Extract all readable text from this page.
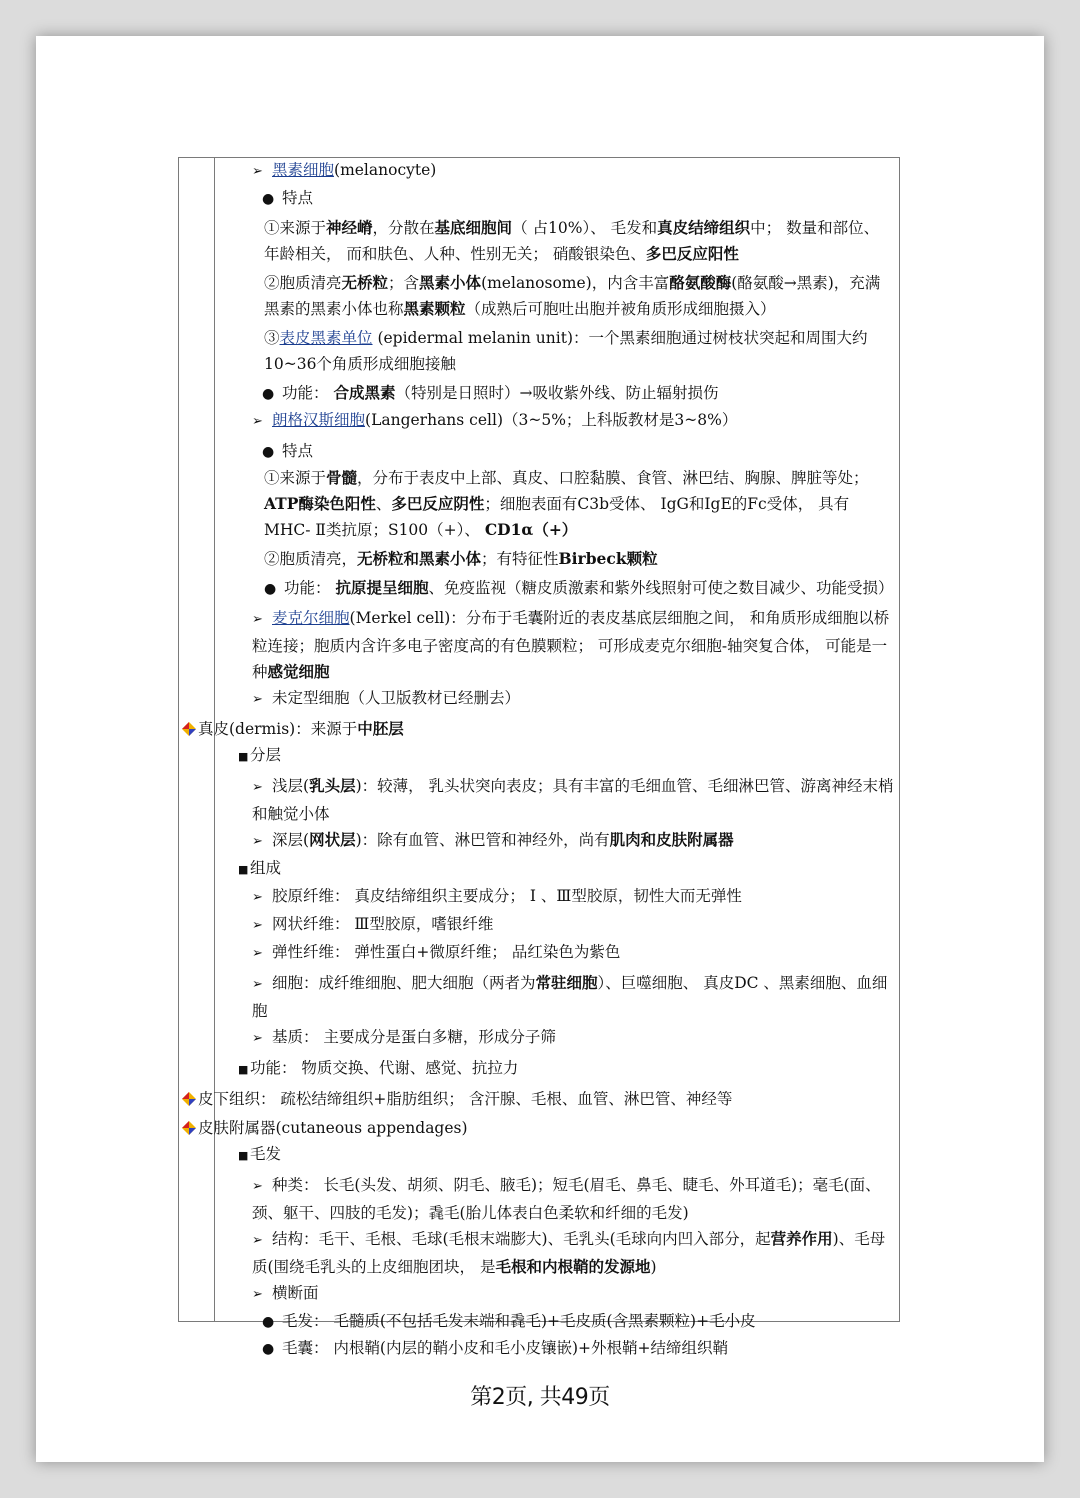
➢ 黑素细胞(melanocyte)
● 特点
①来源于神经嵴，分散在基底细胞间（ 占10%）、 毛发和真皮结缔组织中； 数量和部位、年龄相关， 而和肤色、人种、性别无关； 硝酸银染色、多巴反应阳性
②胞质清亮无桥粒；含黑素小体(melanosome)，内含丰富酪氨酸酶(酪氨酸→黑素)，充满黑素的黑素小体也称黑素颗粒（成熟后可胞吐出胞并被角质形成细胞摄入）
③表皮黑素单位 (epidermal melanin unit)：一个黑素细胞通过树枝状突起和周围大约10~36个角质形成细胞接触
● 功能： 合成黑素（特别是日照时）→吸收紫外线、防止辐射损伤
➢ 朗格汉斯细胞(Langerhans cell)（3~5%；上科版教材是3~8%）
● 特点
①来源于骨髓，分布于表皮中上部、真皮、口腔黏膜、食管、淋巴结、胸腺、脾脏等处；ATP酶染色阳性、多巴反应阴性；细胞表面有C3b受体、 IgG和IgE的Fc受体， 具有MHC- Ⅱ类抗原；S100（+）、 CD1α（+）
②胞质清亮，无桥粒和黑素小体；有特征性Birbeck颗粒
● 功能： 抗原提呈细胞、免疫监视（糖皮质激素和紫外线照射可使之数目减少、功能受损）
➢ 麦克尔细胞(Merkel cell)：分布于毛囊附近的表皮基底层细胞之间， 和角质形成细胞以桥粒连接；胞质内含许多电子密度高的有色膜颗粒； 可形成麦克尔细胞-轴突复合体， 可能是一种感觉细胞
➢ 未定型细胞（人卫版教材已经删去）
真皮(dermis)：来源于中胚层
■ 分层
➢ 浅层(乳头层)：较薄， 乳头状突向表皮；具有丰富的毛细血管、毛细淋巴管、游离神经末梢和触觉小体
➢ 深层(网状层)：除有血管、淋巴管和神经外，尚有肌肉和皮肤附属器
■ 组成
➢ 胶原纤维： 真皮结缔组织主要成分； Ⅰ 、Ⅲ型胶原，韧性大而无弹性
➢ 网状纤维： Ⅲ型胶原，嗜银纤维
➢ 弹性纤维： 弹性蛋白+微原纤维； 品红染色为紫色
➢ 细胞：成纤维细胞、肥大细胞（两者为常驻细胞）、巨噬细胞、 真皮DC 、黑素细胞、血细胞
➢ 基质： 主要成分是蛋白多糖，形成分子筛
■ 功能： 物质交换、代谢、感觉、抗拉力
皮下组织： 疏松结缔组织+脂肪组织； 含汗腺、毛根、血管、淋巴管、神经等
皮肤附属器(cutaneous appendages)
■ 毛发
➢ 种类： 长毛(头发、胡须、阴毛、腋毛)；短毛(眉毛、鼻毛、睫毛、外耳道毛)；毫毛(面、颈、躯干、四肢的毛发)；毳毛(胎儿体表白色柔软和纤细的毛发)
➢ 结构：毛干、毛根、毛球(毛根末端膨大)、毛乳头(毛球向内凹入部分，起营养作用)、毛母质(围绕毛乳头的上皮细胞团块， 是毛根和内根鞘的发源地)
➢ 横断面
● 毛发： 毛髓质(不包括毛发末端和毳毛)+毛皮质(含黑素颗粒)+毛小皮
● 毛囊： 内根鞘(内层的鞘小皮和毛小皮镶嵌)+外根鞘+结缔组织鞘
第2页, 共49页
